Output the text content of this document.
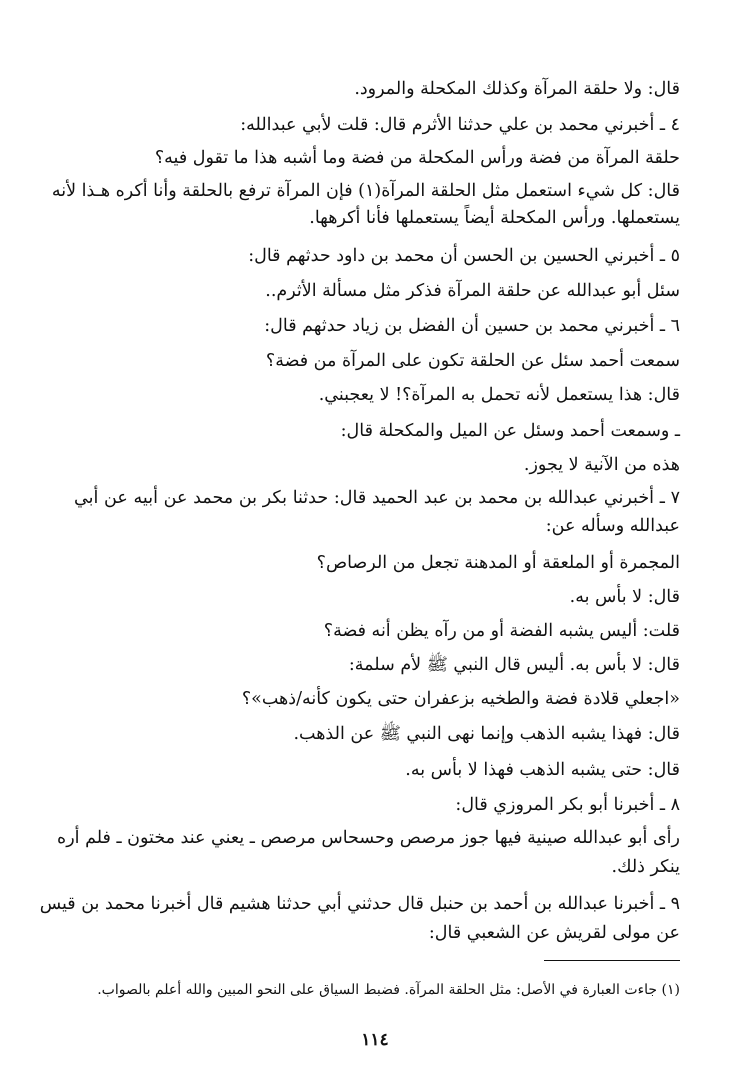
قال: ولا حلقة المرآة وكذلك المكحلة والمرود.
٤ ـ أخبرني محمد بن علي حدثنا الأثرم قال: قلت لأبي عبدالله:
حلقة المرآة من فضة ورأس المكحلة من فضة وما أشبه هذا ما تقول فيه؟
قال: كل شيء استعمل مثل الحلقة المرآة(١) فإن المرآة ترفع بالحلقة وأنا أكره هـذا لأنه
يستعملها. ورأس المكحلة أيضاً يستعملها فأنا أكرهها.
٥ ـ أخبرني الحسين بن الحسن أن محمد بن داود حدثهم قال:
سئل أبو عبدالله عن حلقة المرآة فذكر مثل مسألة الأثرم..
٦ ـ أخبرني محمد بن حسين أن الفضل بن زياد حدثهم قال:
سمعت أحمد سئل عن الحلقة تكون على المرآة من فضة؟
قال: هذا يستعمل لأنه تحمل به المرآة؟! لا يعجبني.
ـ وسمعت أحمد وسئل عن الميل والمكحلة قال:
هذه من الآنية لا يجوز.
٧ ـ أخبرني عبدالله بن محمد بن عبد الحميد قال: حدثنا بكر بن محمد عن أبيه عن أبي
عبدالله وسأله عن:
المجمرة أو الملعقة أو المدهنة تجعل من الرصاص؟
قال: لا بأس به.
قلت: أليس يشبه الفضة أو من رآه يظن أنه فضة؟
قال: لا بأس به. أليس قال النبي ﷺ لأم سلمة:
«اجعلي قلادة فضة والطخيه بزعفران حتى يكون كأنه/ذهب»؟
قال: فهذا يشبه الذهب وإنما نهى النبي ﷺ عن الذهب.
قال: حتى يشبه الذهب فهذا لا بأس به.
٨ ـ أخبرنا أبو بكر المروزي قال:
رأى أبو عبدالله صينية فيها جوز مرصص وحسحاس مرصص ـ يعني عند مختون ـ فلم أره
ينكر ذلك.
٩ ـ أخبرنا عبدالله بن أحمد بن حنبل قال حدثني أبي حدثنا هشيم قال أخبرنا محمد بن قيس
عن مولى لقريش عن الشعبي قال:
(١) جاءت العبارة في الأصل: مثل الحلقة المرآة. فضبط السياق على النحو المبين والله أعلم بالصواب.
١١٤
